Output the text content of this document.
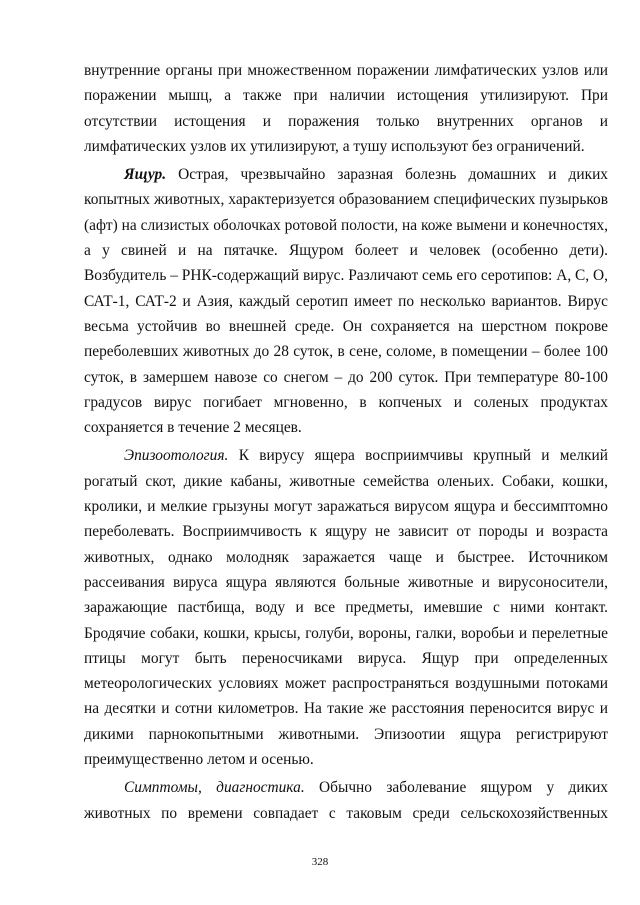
внутренние органы при множественном поражении лимфатических узлов или
поражении мышц, а также при наличии истощения утилизируют. При
отсутствии истощения и поражения только внутренних органов и
лимфатических узлов их утилизируют, а тушу используют без ограничений.
Ящур. Острая, чрезвычайно заразная болезнь домашних и диких
копытных животных, характеризуется образованием специфических пузырьков
(афт) на слизистых оболочках ротовой полости, на коже вымени и конечностях,
а у свиней и на пятачке. Ящуром болеет и человек (особенно дети).
Возбудитель – РНК-содержащий вирус. Различают семь его серотипов: А, С, О,
САТ-1, САТ-2 и Азия, каждый серотип имеет по несколько вариантов. Вирус
весьма устойчив во внешней среде. Он сохраняется на шерстном покрове
переболевших животных до 28 суток, в сене, соломе, в помещении – более 100
суток, в замершем навозе со снегом – до 200 суток. При температуре 80-100
градусов вирус погибает мгновенно, в копченых и соленых продуктах
сохраняется в течение 2 месяцев.
Эпизоотология. К вирусу ящера восприимчивы крупный и мелкий
рогатый скот, дикие кабаны, животные семейства оленьих. Собаки, кошки,
кролики, и мелкие грызуны могут заражаться вирусом ящура и бессимптомно
переболевать. Восприимчивость к ящуру не зависит от породы и возраста
животных, однако молодняк заражается чаще и быстрее. Источником
рассеивания вируса ящура являются больные животные и вирусоносители,
заражающие пастбища, воду и все предметы, имевшие с ними контакт.
Бродячие собаки, кошки, крысы, голуби, вороны, галки, воробьи и перелетные
птицы могут быть переносчиками вируса. Ящур при определенных
метеорологических условиях может распространяться воздушными потоками
на десятки и сотни километров. На такие же расстояния переносится вирус и
дикими парнокопытными животными. Эпизоотии ящура регистрируют
преимущественно летом и осенью.
Симптомы, диагностика. Обычно заболевание ящуром у диких
животных по времени совпадает с таковым среди сельскохозяйственных
328
